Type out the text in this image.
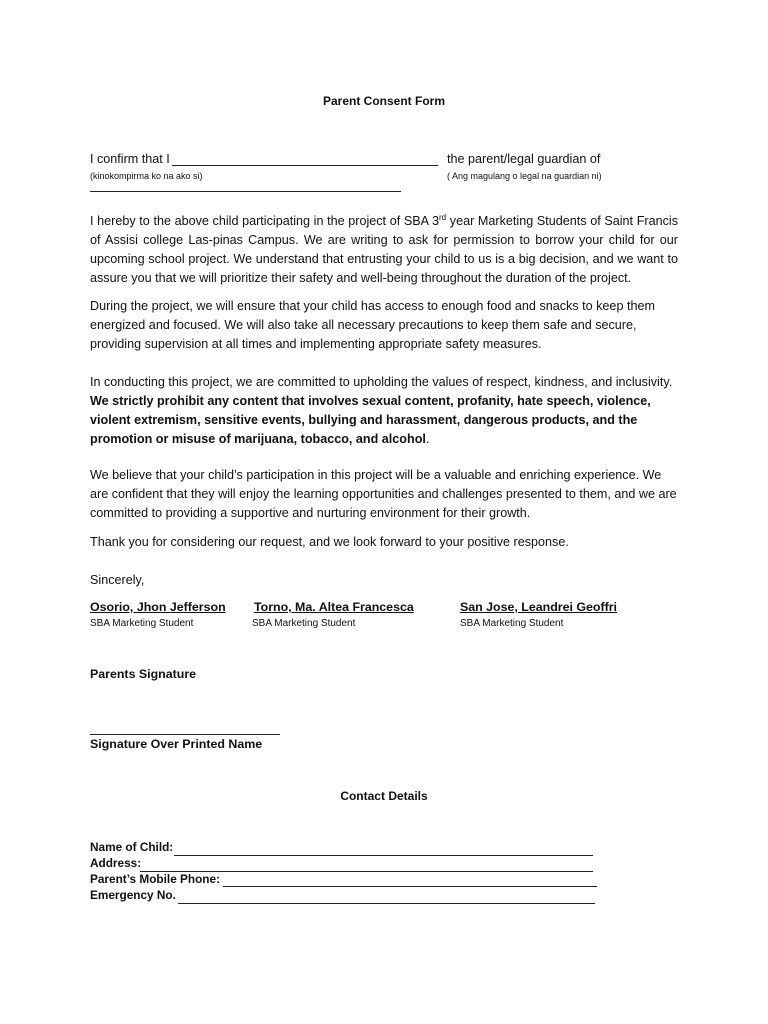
Parent Consent Form
I confirm that I	the parent/legal guardian of
(kinokompirma ko na ako si)	( Ang magulang o legal na guardian ni)
I hereby to the above child participating in the project of SBA 3rd year Marketing Students of Saint Francis of Assisi college Las-pinas Campus. We are writing to ask for permission to borrow your child for our upcoming school project. We understand that entrusting your child to us is a big decision, and we want to assure you that we will prioritize their safety and well-being throughout the duration of the project.
During the project, we will ensure that your child has access to enough food and snacks to keep them energized and focused. We will also take all necessary precautions to keep them safe and secure, providing supervision at all times and implementing appropriate safety measures.
In conducting this project, we are committed to upholding the values of respect, kindness, and inclusivity. We strictly prohibit any content that involves sexual content, profanity, hate speech, violence, violent extremism, sensitive events, bullying and harassment, dangerous products, and the promotion or misuse of marijuana, tobacco, and alcohol.
We believe that your child’s participation in this project will be a valuable and enriching experience. We are confident that they will enjoy the learning opportunities and challenges presented to them, and we are committed to providing a supportive and nurturing environment for their growth.
Thank you for considering our request, and we look forward to your positive response.
Sincerely,
Osorio, Jhon Jefferson
SBA Marketing Student
Torno, Ma. Altea Francesca
SBA Marketing Student
San Jose, Leandrei Geoffri
SBA Marketing Student
Parents Signature
Signature Over Printed Name
Contact Details
Name of Child:
Address:
Parent’s Mobile Phone:
Emergency No.
